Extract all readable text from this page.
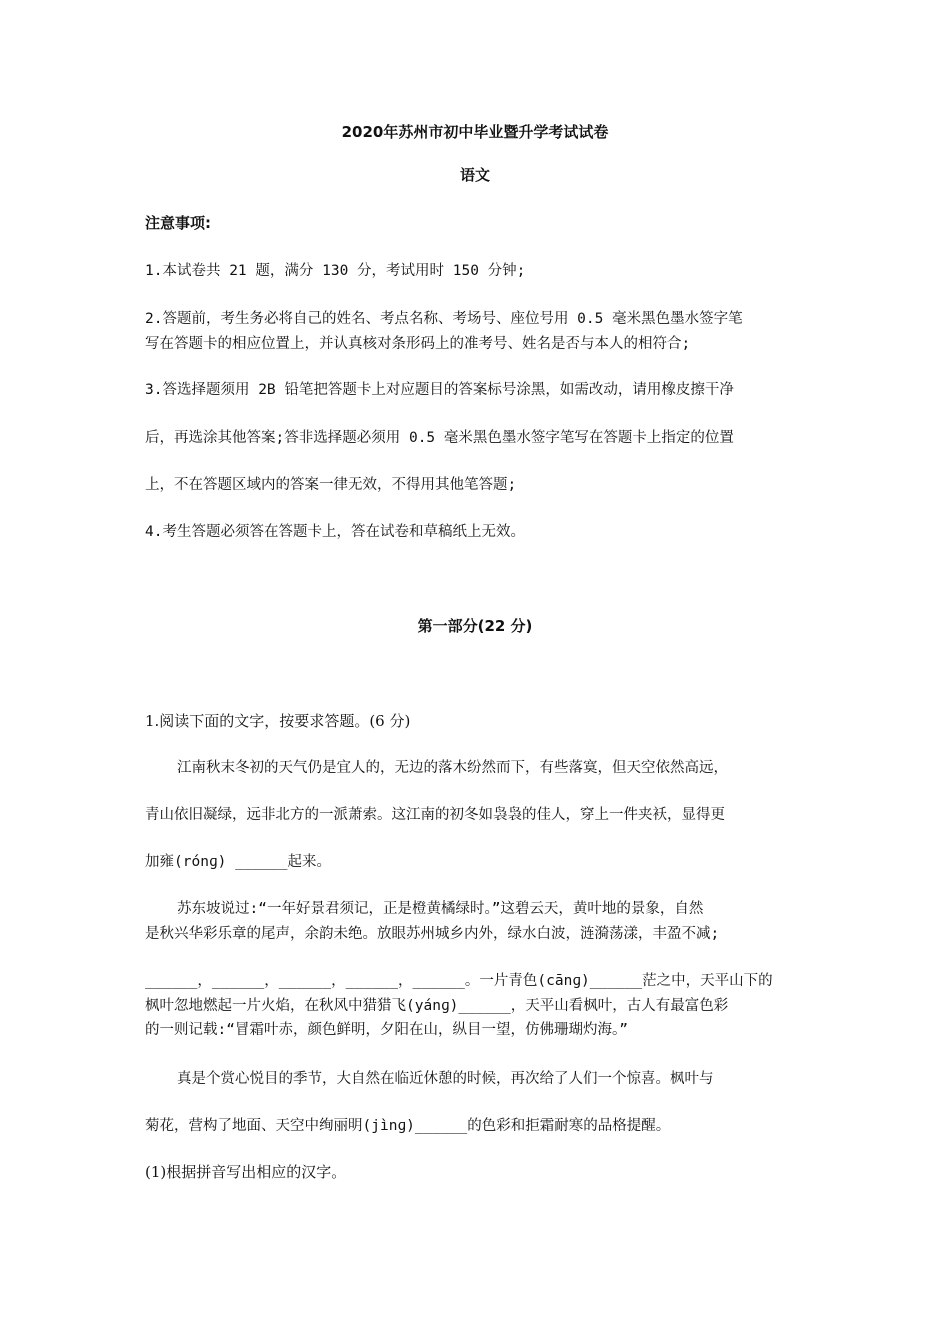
2020年苏州市初中毕业暨升学考试试卷
语文
注意事项:
1.本试卷共 21 题，满分 130 分，考试用时 150 分钟;
2.答题前，考生务必将自己的姓名、考点名称、考场号、座位号用 0.5 毫米黑色墨水签字笔
写在答题卡的相应位置上，并认真核对条形码上的准考号、姓名是否与本人的相符合;
3.答选择题须用 2B 铅笔把答题卡上对应题目的答案标号涂黑，如需改动，请用橡皮擦干净
后，再选涂其他答案;答非选择题必须用 0.5 毫米黑色墨水签字笔写在答题卡上指定的位置
上，不在答题区域内的答案一律无效，不得用其他笔答题;
4.考生答题必须答在答题卡上，答在试卷和草稿纸上无效。
第一部分(22 分)
1.阅读下面的文字，按要求答题。(6 分)
江南秋末冬初的天气仍是宜人的，无边的落木纷然而下，有些落寞，但天空依然高远，
青山依旧凝绿，远非北方的一派萧索。这江南的初冬如袅袅的佳人，穿上一件夹袄，显得更
加雍(rónɡ) ______起来。
苏东坡说过:“一年好景君须记，正是橙黄橘绿时。”这碧云天，黄叶地的景象，自然
是秋兴华彩乐章的尾声，余韵未绝。放眼苏州城乡内外，绿水白波，涟漪荡漾，丰盈不减;
______，______，______，______，______。一片青色(cānɡ)______茫之中，天平山下的
枫叶忽地燃起一片火焰，在秋风中猎猎飞(yánɡ)______，天平山看枫叶，古人有最富色彩
的一则记载:“冒霜叶赤，颜色鲜明，夕阳在山，纵目一望，仿佛珊瑚灼海。”
真是个赏心悦目的季节，大自然在临近休憩的时候，再次给了人们一个惊喜。枫叶与
菊花，营构了地面、天空中绚丽明(jìnɡ)______的色彩和拒霜耐寒的品格提醒。
(1)根据拼音写出相应的汉字。
